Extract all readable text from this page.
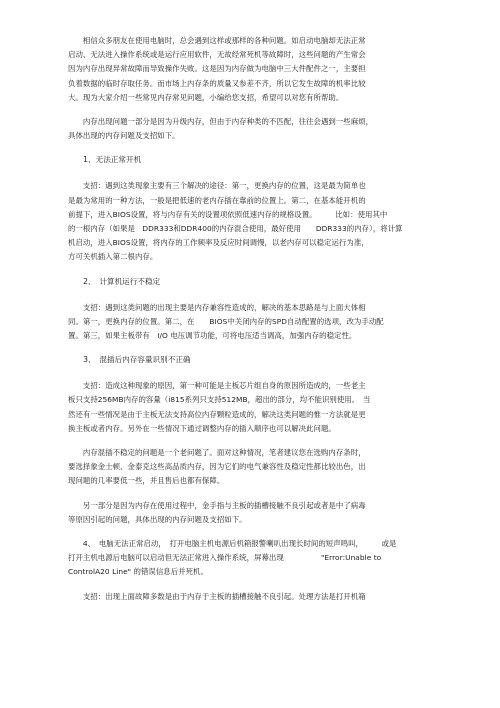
　　相信众多朋友在使用电脑时，总会遇到这样或那样的各种问题。如启动电脑却无法正常
启动、无法进入操作系统或是运行应用软件，无故经常死机等故障时，这些问题的产生常会
因为内存出现异常故障而导致操作失败。这是因为内存做为电脑中三大件配件之一，主要担
负着数据的临时存取任务。而市场上内存条的质量又参差不齐，所以它发生故障的机率比较
大。现为大家介绍一些常见内存常见问题，小编给您支招，希望可以对您有所帮助。

　　内存出现问题一部分是因为升级内存，但由于内存种类的不匹配，往往会遇到一些麻烦，
具体出现的内存问题及支招如下。

　　1、无法正常开机

　　支招：遇到这类现象主要有三个解决的途径：第一，更换内存的位置，这是最为简单也
是最为常用的一种方法，一般是把低速的老内存插在靠前的位置上。第二，在基本能开机的
前提下，进入BIOS设置，将与内存有关的设置项依照低速内存的规格设置。　　　比如：使用其中
的一根内存（如果是　DDR333和DDR400的内存混合使用，最好使用　　DDR333的内存），将计算
机启动，进入BIOS设置，将内存的工作频率及反应时间调慢，以老内存可以稳定运行为准，
方可关机插入第二根内存。

　　2、　计算机运行不稳定

　　支招：遇到这类问题的出现主要是内存兼容性造成的，解决的基本思路是与上面大体相
同。第一，更换内存的位置。第二，在　　BIOS中关闭内存的SPD自动配置的选项，改为手动配
置。第三，如果主板带有　I/O 电压调节功能，可将电压适当调高，加强内存的稳定性。

　　3、　混插后内存容量识别不正确

　　支招：造成这种现象的原因，第一种可能是主板芯片组自身的原因所造成的，一些老主
板只支持256MB内存的容量（i815系列只支持512MB，超出的部分，均不能识别使用。　当
然还有一些情况是由于主板无法支持高位内存颗粒造成的，解决这类问题的惟一方法就是更
换主板或者内存。另外在一些情况下通过调整内存的插入顺序也可以解决此问题。

　　内存混插不稳定的问题是一个老问题了。面对这种情况，笔者建议您在选购内存条时，
要选择象金士顿、金泰克这些高品质内存，因为它们的电气兼容性及稳定性都比较出色，出
现问题的几率要低一些，并且售后也都有保障。

　　另一部分是因为内存在使用过程中，金手指与主板的插槽接触不良引起或者是中了病毒
等原因引起的问题，具体出现的内存问题及支招如下。

　　4、　电脑无法正常启动，　打开电脑主机电源后机箱报警喇叭出现长时间的短声鸣叫，　　　或是
打开主机电源后电脑可以启动但无法正常进入操作系统，屏幕出现　　　　　"Error:Unable to
ControlA20 Line" 的错误信息后并死机。

　　支招：出现上面故障多数是由于内存于主板的插槽接触不良引起。处理方法是打开机箱
